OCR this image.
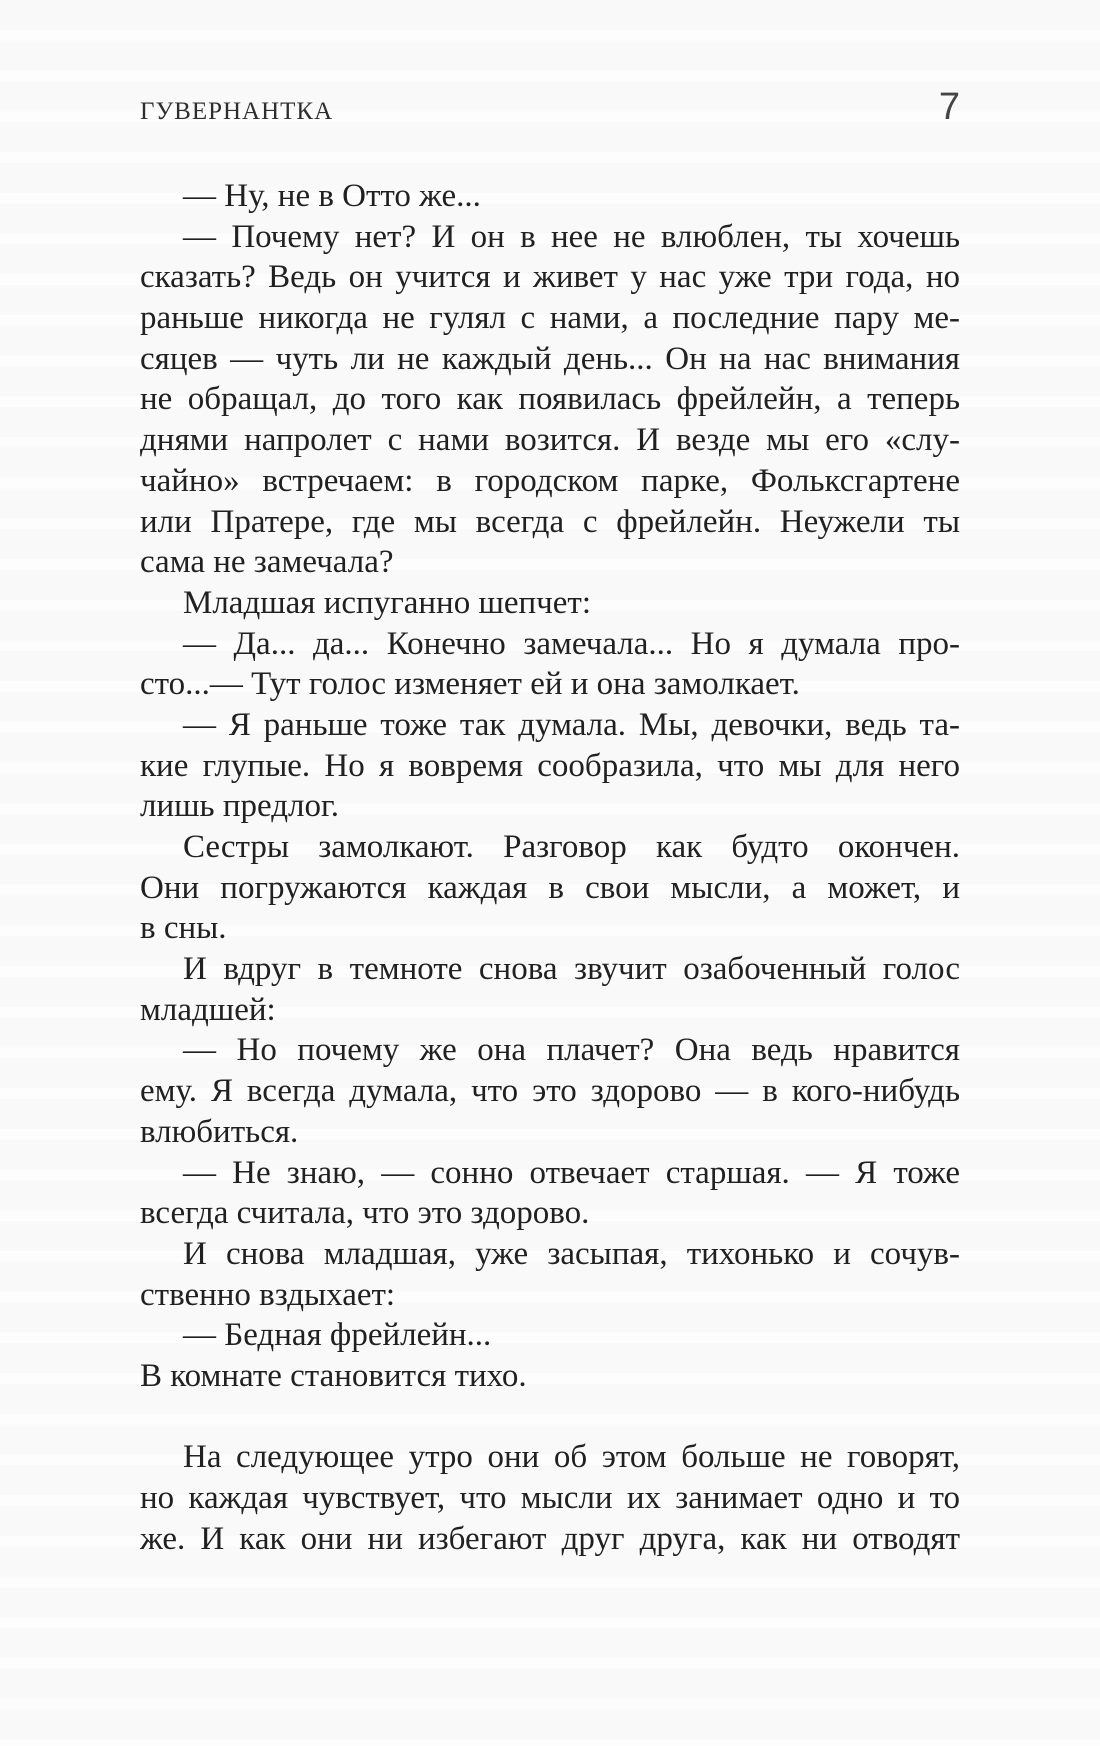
ГУВЕРНАНТКА	7
— Ну, не в Отто же...
— Почему нет? И он в нее не влюблен, ты хочешь
сказать? Ведь он учится и живет у нас уже три года, но
раньше никогда не гулял с нами, а последние пару ме-
сяцев — чуть ли не каждый день... Он на нас внимания
не обращал, до того как появилась фрейлейн, а теперь
днями напролет с нами возится. И везде мы его «слу-
чайно» встречаем: в городском парке, Фольксгартене
или Пратере, где мы всегда с фрейлейн. Неужели ты
сама не замечала?
Младшая испуганно шепчет:
— Да... да... Конечно замечала... Но я думала про-
сто...— Тут голос изменяет ей и она замолкает.
— Я раньше тоже так думала. Мы, девочки, ведь та-
кие глупые. Но я вовремя сообразила, что мы для него
лишь предлог.
Сестры замолкают. Разговор как будто окончен.
Они погружаются каждая в свои мысли, а может, и
в сны.
И вдруг в темноте снова звучит озабоченный голос
младшей:
— Но почему же она плачет? Она ведь нравится
ему. Я всегда думала, что это здорово — в кого-нибудь
влюбиться.
— Не знаю, — сонно отвечает старшая. — Я тоже
всегда считала, что это здорово.
И снова младшая, уже засыпая, тихонько и сочув-
ственно вздыхает:
— Бедная фрейлейн...
В комнате становится тихо.
На следующее утро они об этом больше не говорят,
но каждая чувствует, что мысли их занимает одно и то
же. И как они ни избегают друг друга, как ни отводят
